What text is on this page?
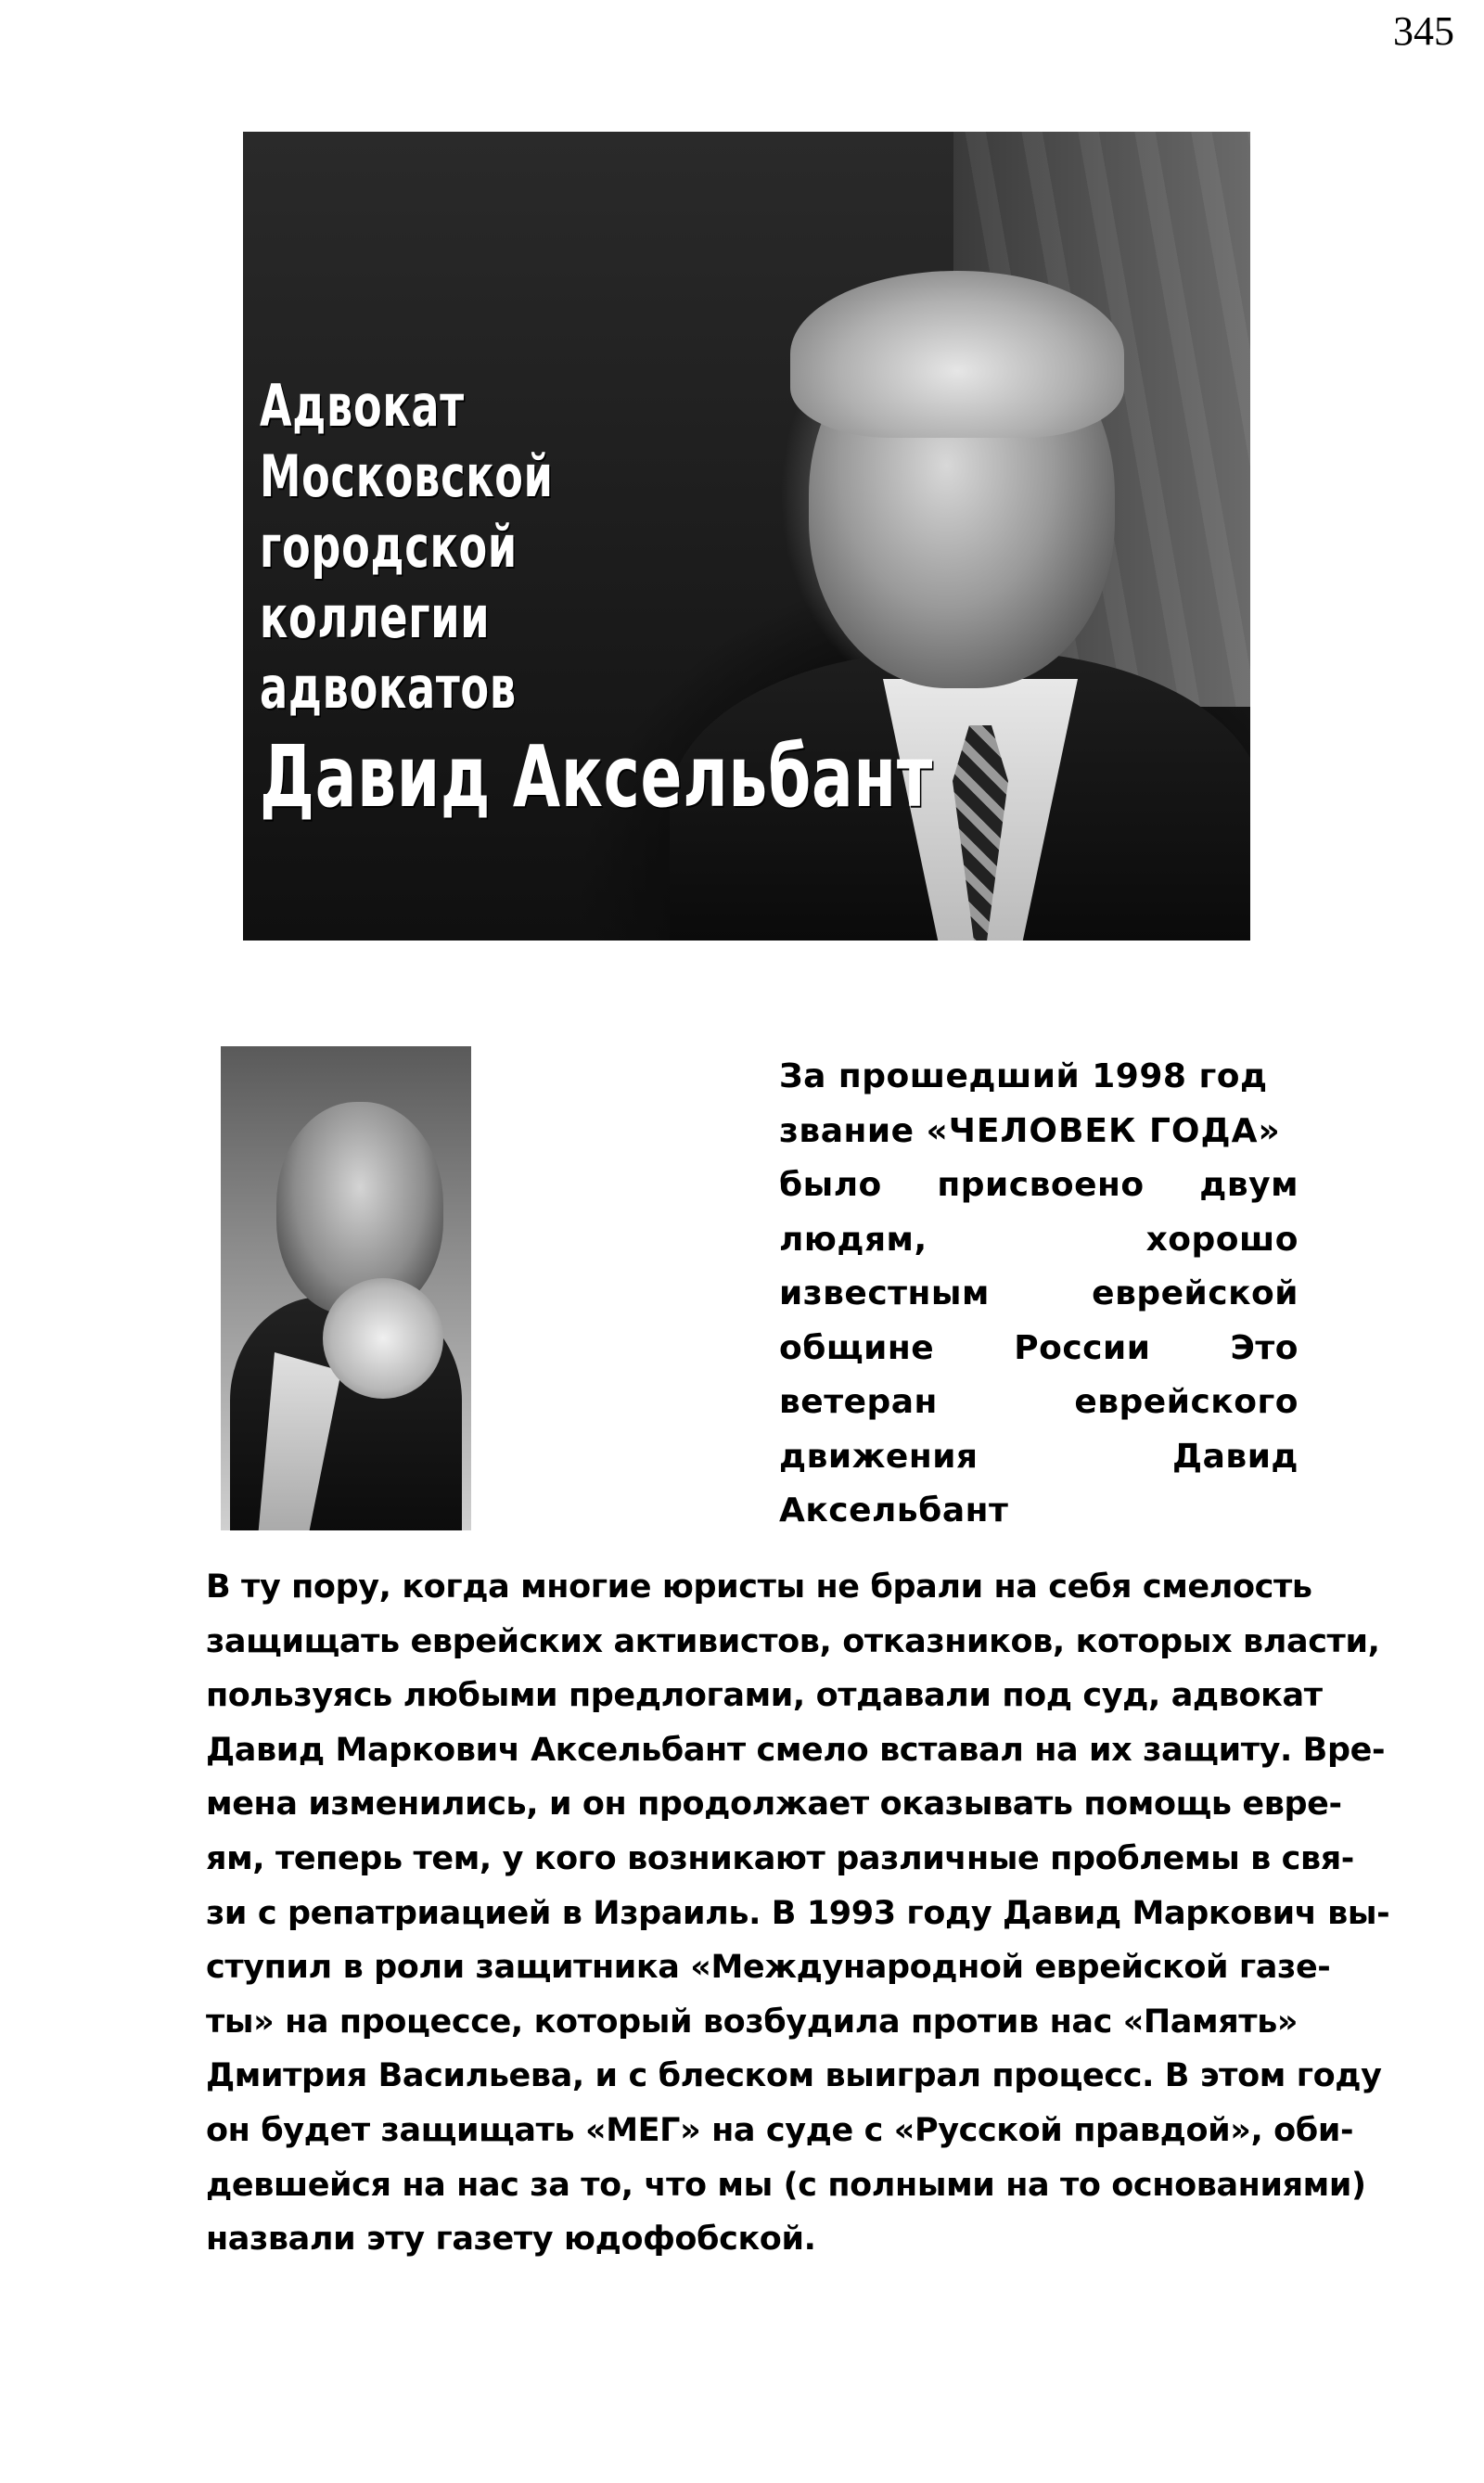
345
Адвокат
Московской
городской
коллегии
адвокатов
Давид Аксельбант
За прошедший 1998 год
звание «ЧЕЛОВЕК ГОДА»
было присвоено двум людям, хорошо известным еврейской общине России Это ветеран еврейского движения Давид Аксельбант
В ту пору, когда многие юристы не брали на себя смелость
защищать еврейских активистов, отказников, которых власти,
пользуясь любыми предлогами, отдавали под суд, адвокат
Давид Маркович Аксельбант смело вставал на их защиту. Вре-
мена изменились, и он продолжает оказывать помощь евре-
ям, теперь тем, у кого возникают различные проблемы в свя-
зи с репатриацией в Израиль. В 1993 году Давид Маркович вы-
ступил в роли защитника «Международной еврейской газе-
ты» на процессе, который возбудила против нас «Память»
Дмитрия Васильева, и с блеском выиграл процесс. В этом году
он будет защищать «МЕГ» на суде с «Русской правдой», оби-
девшейся на нас за то, что мы (с полными на то основаниями)
назвали эту газету юдофобской.
